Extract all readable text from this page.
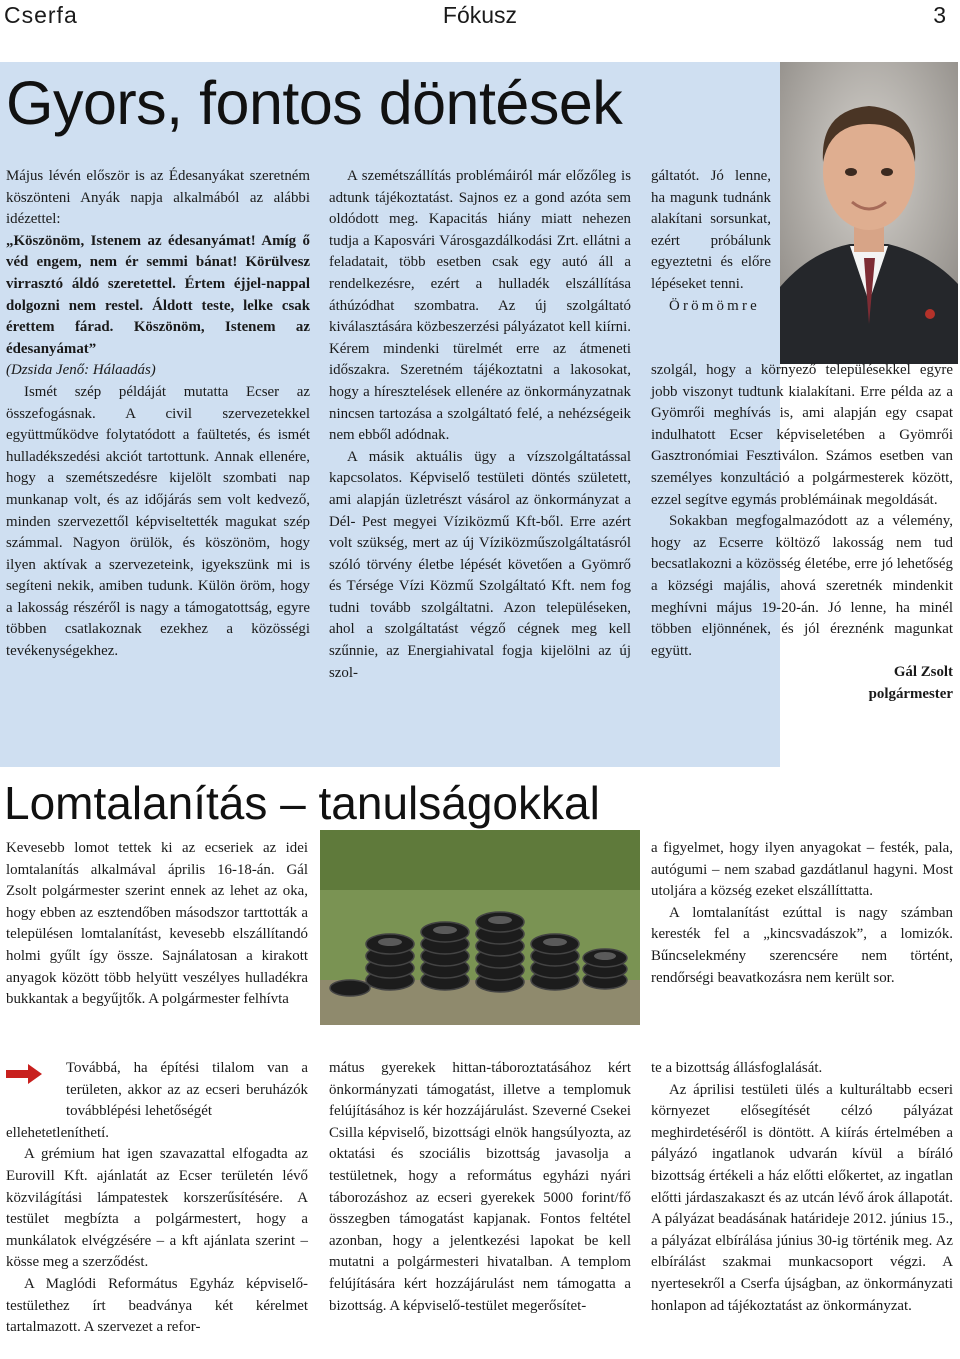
Cserfa	Fókusz	3
Gyors, fontos döntések

Május lévén először is az Édesanyákat szeretném köszönteni Anyák napja alkalmából az alábbi idézettel:

„Köszönöm, Istenem az édesanyámat! Amíg ő véd engem, nem ér semmi bánat! Körülvesz virrasztó áldó szeretettel. Értem éjjel-nappal dolgozni nem restel. Áldott teste, lelke csak érettem fárad. Köszönöm, Istenem az édesanyámat”

(Dzsida Jenő: Hálaadás)

Ismét szép példáját mutatta Ecser az összefogásnak. A civil szervezetekkel együttműködve folytatódott a faültetés, és ismét hulladékszedési akciót tartottunk. Annak ellenére, hogy a szemétszedésre kijelölt szombati nap munkanap volt, és az időjárás sem volt kedvező, minden szervezettől képviseltették magukat szép számmal. Nagyon örülök, és köszönöm, hogy ilyen aktívak a szervezeteink, igyekszünk mi is segíteni nekik, amiben tudunk. Külön öröm, hogy a lakosság részéről is nagy a támogatottság, egyre többen csatlakoznak ezekhez a közösségi tevékenységekhez.

A szemétszállítás problémáiról már előzőleg is adtunk tájékoztatást. Sajnos ez a gond azóta sem oldódott meg. Kapacitás hiány miatt nehezen tudja a Kaposvári Városgazdálkodási Zrt. ellátni a feladatait, több esetben csak egy autó áll a rendelkezésre, ezért a hulladék elszállítása áthúzódhat szombatra. Az új szolgáltató kiválasztására közbeszerzési pályázatot kell kiírni. Kérem mindenki türelmét erre az átmeneti időszakra. Szeretném tájékoztatni a lakosokat, hogy a híresztelések ellenére az önkormányzatnak nincsen tartozása a szolgáltató felé, a nehézségeik nem ebből adódnak.

A másik aktuális ügy a vízszolgáltatással kapcsolatos. Képviselő testületi döntés született, ami alapján üzletrészt vásárol az önkormányzat a Dél- Pest megyei Víziközmű Kft-ből. Erre azért volt szükség, mert az új Víziközműszolgáltatásról szóló törvény életbe lépését követően a Gyömrő és Térsége Vízi Közmű Szolgáltató Kft. nem fog tudni tovább szolgáltatni. Azon településeken, ahol a szolgáltatást végző cégnek meg kell szűnnie, az Energiahivatal fogja kijelölni az új szol-

gáltatót. Jó lenne, ha magunk tudnánk alakítani sorsunkat, ezért próbálunk egyeztetni és előre lépéseket tenni.

Örömömre

szolgál, hogy a környező településekkel egyre jobb viszonyt tudtunk kialakítani. Erre példa az a Gyömrői meghívás is, ami alapján egy csapat indulhatott Ecser képviseletében a Gyömrői Gasztronómiai Fesztiválon. Számos esetben van személyes konzultáció a polgármesterek között, ezzel segítve egymás problémáinak megoldását.

Sokakban megfogalmazódott az a vélemény, hogy az Ecserre költöző lakosság nem tud becsatlakozni a közösség életébe, erre jó lehetőség a községi majális, ahová szeretnék mindenkit meghívni május 19-20-án. Jó lenne, ha minél többen eljönnének, és jól éreznénk magunkat együtt.

Gál Zsolt polgármester

Lomtalanítás – tanulságokkal

Kevesebb lomot tettek ki az ecseriek az idei lomtalanítás alkalmával április 16-18-án. Gál Zsolt polgármester szerint ennek az lehet az oka, hogy ebben az esztendőben másodszor tarttották a településen lomtalanítást, kevesebb elszállítandó holmi gyűlt így össze. Sajnálatosan a kirakott anyagok között több helyütt veszélyes hulladékra bukkantak a begyűjtők. A polgármester felhívta

a figyelmet, hogy ilyen anyagokat – festék, pala, autógumi – nem szabad gazdátlanul hagyni. Most utoljára a község ezeket elszállíttatta.

A lomtalanítást ezúttal is nagy számban keresték fel a „kincsvadászok”, a lomizók. Bűncselekmény szerencsére nem történt, rendőrségi beavatkozásra nem került sor.

Továbbá, ha építési tilalom van a területen, akkor az az ecseri beruházók továbblépési lehetőségét

ellehetetleníthetí.

A grémium hat igen szavazattal elfogadta az Eurovill Kft. ajánlatát az Ecser területén lévő közvilágítási lámpatestek korszerűsítésére. A testület megbízta a polgármestert, hogy a munkálatok elvégzésére – a kft ajánlata szerint –kösse meg a szerződést.

A Maglódi Református Egyház képviselő-testülethez írt beadványa két kérelmet tartalmazott. A szervezet a refor-

mátus gyerekek hittan-táboroztatásához kért önkormányzati támogatást, illetve a templomuk felújításához is kér hozzájárulást. Szeverné Csekei Csilla képviselő, bizottsági elnök hangsúlyozta, az oktatási és szociális bizottság javasolja a testületnek, hogy a református egyházi nyári táborozáshoz az ecseri gyerekek 5000 forint/fő összegben támogatást kapjanak. Fontos feltétel azonban, hogy a jelentkezési lapokat be kell mutatni a polgármesteri hivatalban. A templom felújítására kért hozzájárulást nem támogatta a bizottság. A képviselő-testület megerősítet-

te a bizottság állásfoglalását.

Az áprilisi testületi ülés a kulturáltabb ecseri környezet elősegítését célzó pályázat meghirdetéséről is döntött. A kiírás értelmében a pályázó ingatlanok udvarán kívül a bíráló bizottság értékeli a ház előtti előkertet, az ingatlan előtti járdaszakaszt és az utcán lévő árok állapotát. A pályázat beadásának határideje 2012. június 15., a pályázat elbírálása június 30-ig történik meg. Az elbírálást szakmai munkacsoport végzi. A nyertesekről a Cserfa újságban, az önkormányzati honlapon ad tájékoztatást az önkormányzat.
